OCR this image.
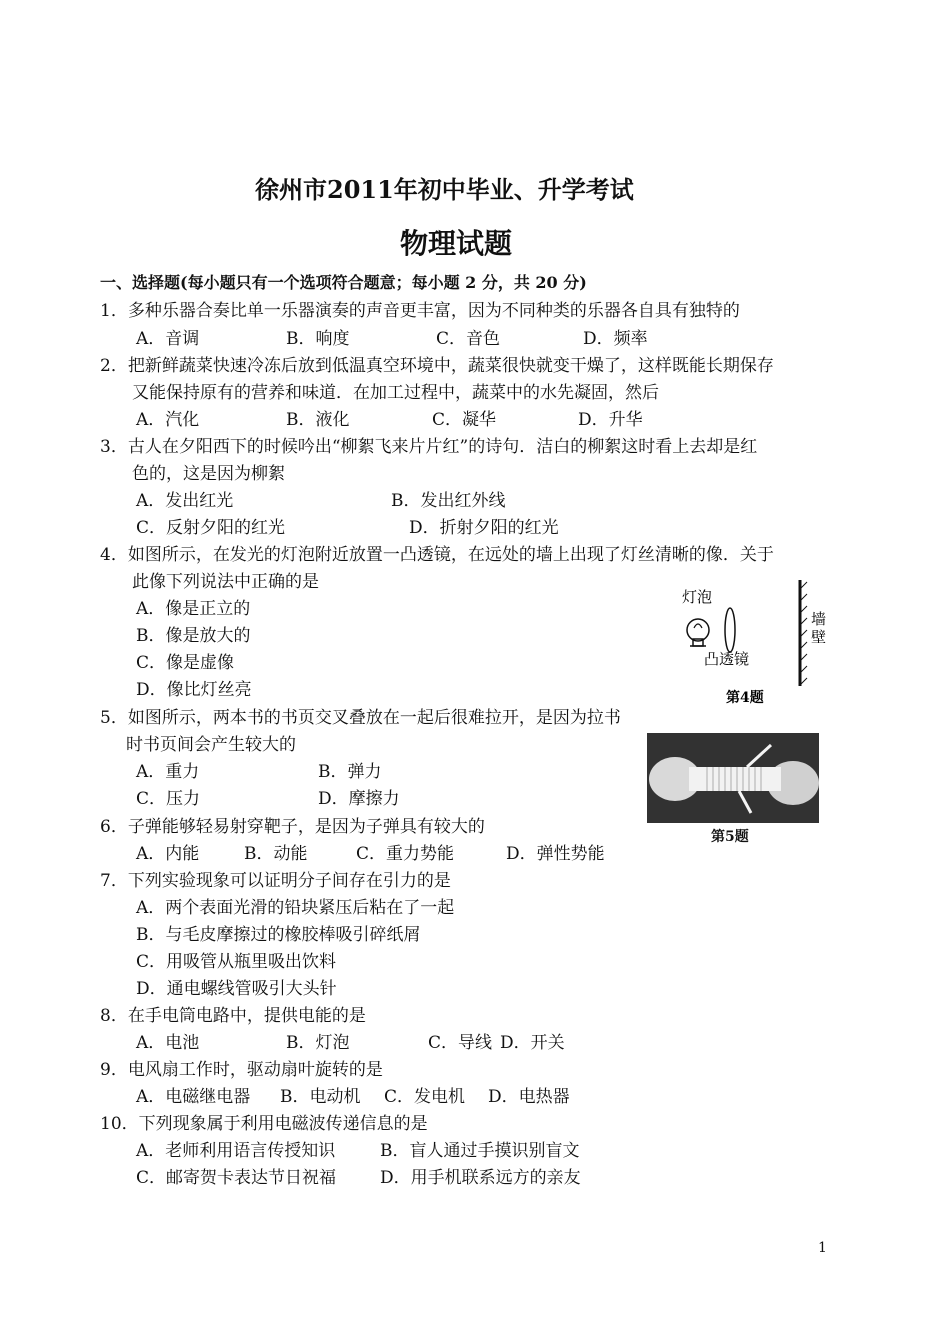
徐州市2011年初中毕业、升学考试
物理试题
一、选择题(每小题只有一个选项符合题意；每小题 2 分，共 20 分)
1．多种乐器合奏比单一乐器演奏的声音更丰富，因为不同种类的乐器各自具有独特的
A．音调	B．响度	C．音色	D．频率
2．把新鲜蔬菜快速冷冻后放到低温真空环境中，蔬菜很快就变干燥了，这样既能长期保存
又能保持原有的营养和味道．在加工过程中，蔬菜中的水先凝固，然后
A．汽化	B．液化	C．凝华	D．升华
3．古人在夕阳西下的时候吟出“柳絮飞来片片红”的诗句．洁白的柳絮这时看上去却是红
色的，这是因为柳絮
A．发出红光	B．发出红外线
C．反射夕阳的红光	D．折射夕阳的红光
4．如图所示，在发光的灯泡附近放置一凸透镜，在远处的墙上出现了灯丝清晰的像．关于
此像下列说法中正确的是
A．像是正立的
B．像是放大的
C．像是虚像
D．像比灯丝亮
灯泡
凸透镜
墙
壁
第4题
5．如图所示，两本书的书页交叉叠放在一起后很难拉开，是因为拉书
时书页间会产生较大的
A．重力	B．弹力
C．压力	D．摩擦力
第5题
6．子弹能够轻易射穿靶子，是因为子弹具有较大的
A．内能	B．动能	C．重力势能	D．弹性势能
7．下列实验现象可以证明分子间存在引力的是
A．两个表面光滑的铅块紧压后粘在了一起
B．与毛皮摩擦过的橡胶棒吸引碎纸屑
C．用吸管从瓶里吸出饮料
D．通电螺线管吸引大头针
8．在手电筒电路中，提供电能的是
A．电池	B．灯泡	C．导线 D．开关
9．电风扇工作时，驱动扇叶旋转的是
A．电磁继电器 B．电动机 C．发电机 D．电热器
10．下列现象属于利用电磁波传递信息的是
A．老师利用语言传授知识	B．盲人通过手摸识别盲文
C．邮寄贺卡表达节日祝福	D．用手机联系远方的亲友
1
